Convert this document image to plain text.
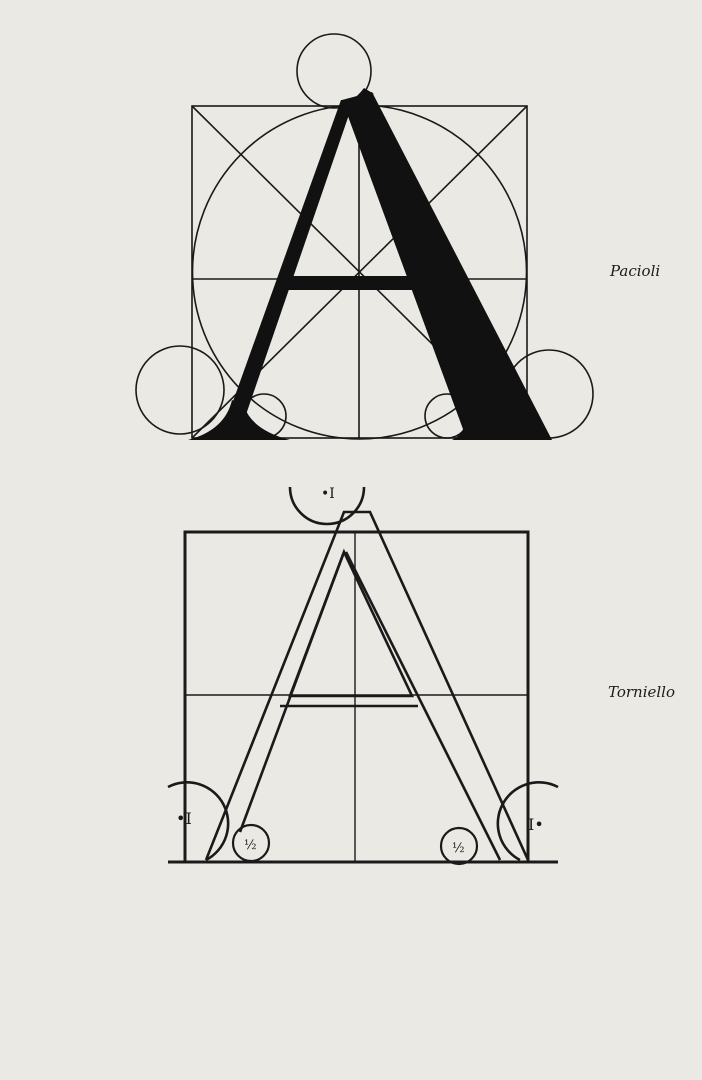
•I
•I	I•
½	½
Pacioli
Torniello
